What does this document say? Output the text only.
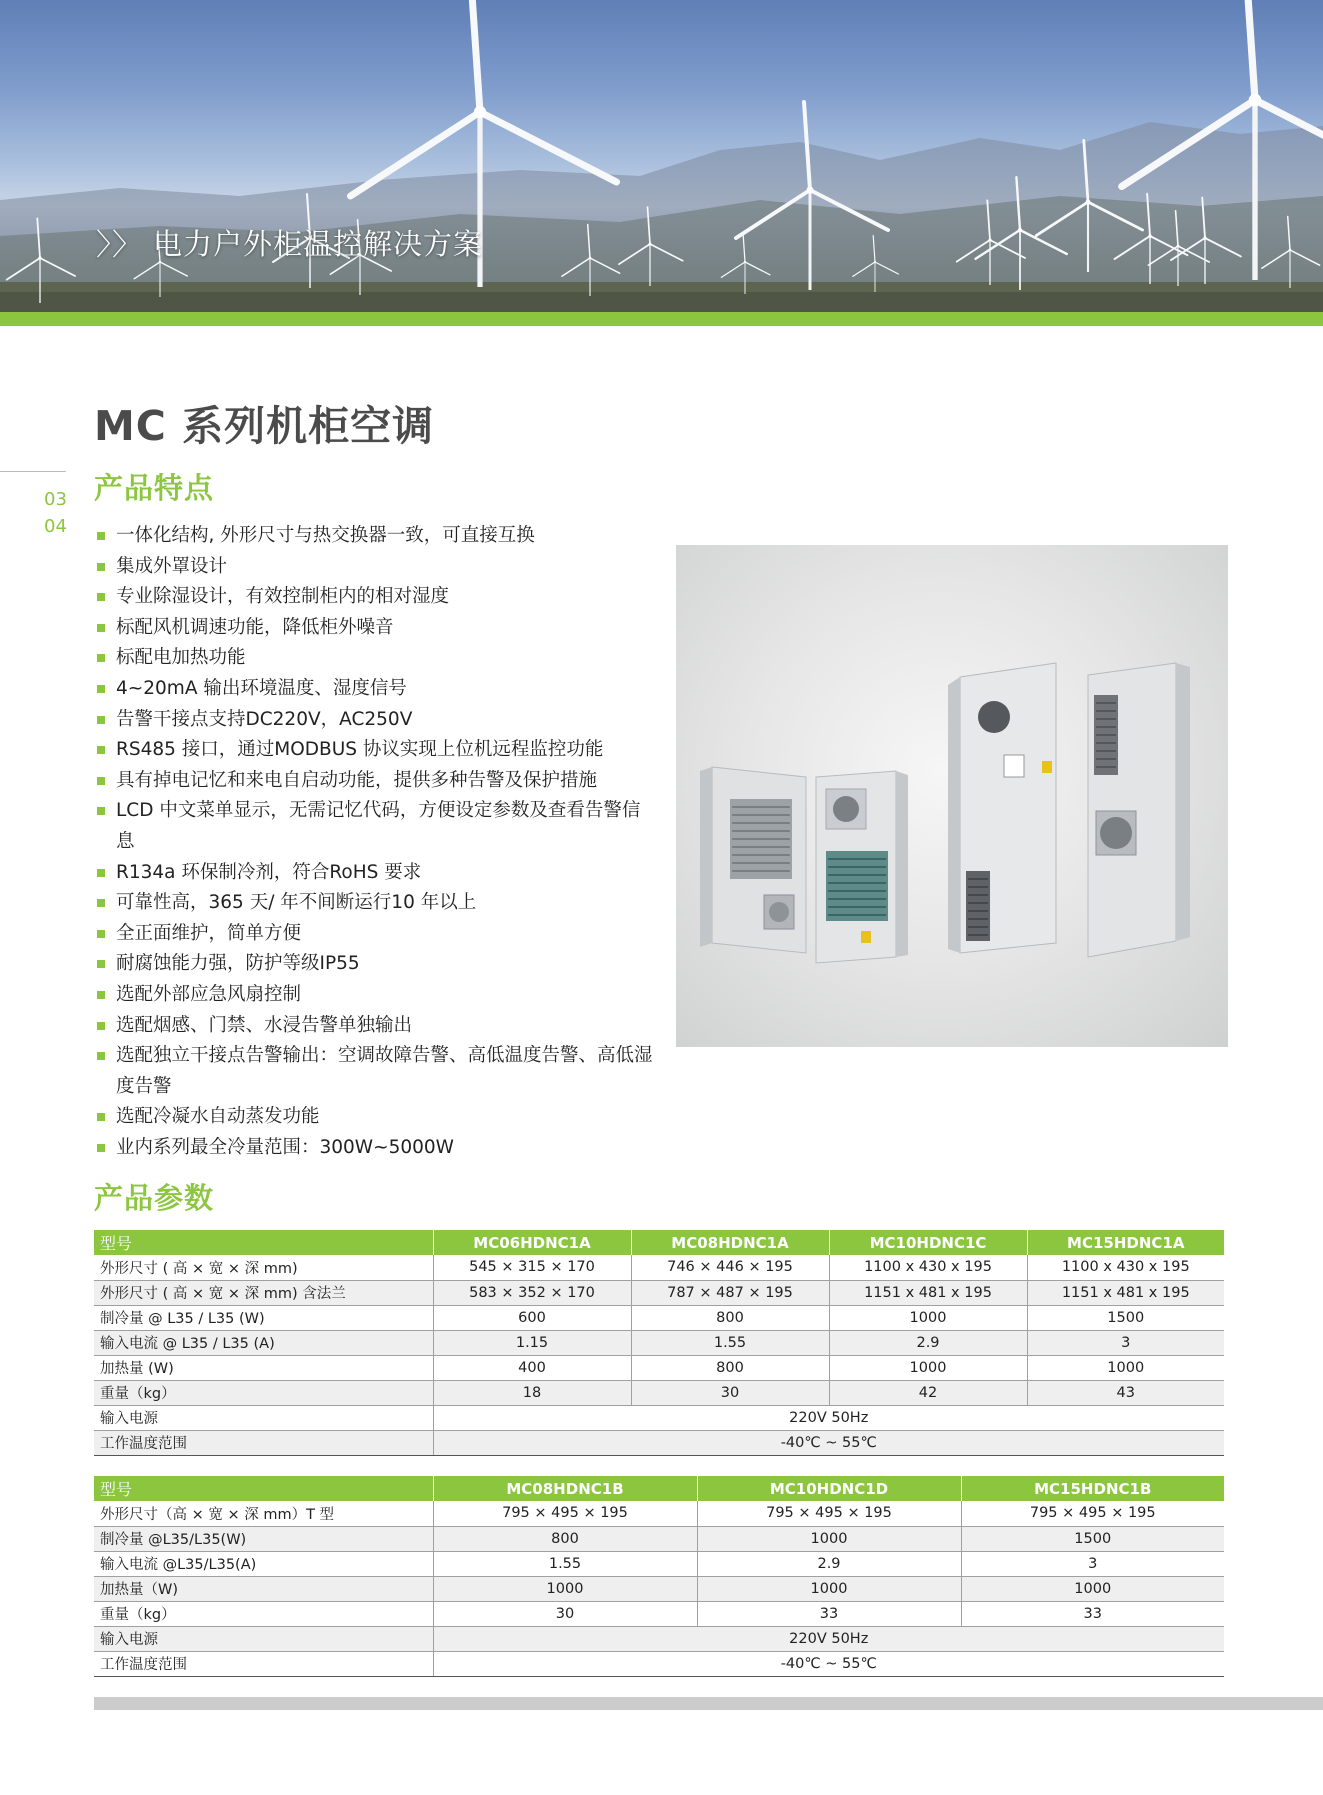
〉〉 电力户外柜温控解决方案
MC 系列机柜空调
03
04
产品特点
一体化结构, 外形尺寸与热交换器一致，可直接互换
集成外罩设计
专业除湿设计，有效控制柜内的相对湿度
标配风机调速功能，降低柜外噪音
标配电加热功能
4~20mA 输出环境温度、湿度信号
告警干接点支持DC220V，AC250V
RS485 接口，通过MODBUS 协议实现上位机远程监控功能
具有掉电记忆和来电自启动功能，提供多种告警及保护措施
LCD 中文菜单显示，无需记忆代码，方便设定参数及查看告警信息
R134a 环保制冷剂，符合RoHS 要求
可靠性高，365 天/ 年不间断运行10 年以上
全正面维护，简单方便
耐腐蚀能力强，防护等级IP55
选配外部应急风扇控制
选配烟感、门禁、水浸告警单独输出
选配独立干接点告警输出：空调故障告警、高低温度告警、高低湿度告警
选配冷凝水自动蒸发功能
业内系列最全冷量范围：300W~5000W
产品参数
型号	MC06HDNC1A	MC08HDNC1A	MC10HDNC1C	MC15HDNC1A
外形尺寸 ( 高 × 宽 × 深 mm)	545 × 315 × 170	746 × 446 × 195	1100 x 430 x 195	1100 x 430 x 195
外形尺寸 ( 高 × 宽 × 深 mm) 含法兰	583 × 352 × 170	787 × 487 × 195	1151 x 481 x 195	1151 x 481 x 195
制冷量 @ L35 / L35 (W)	600	800	1000	1500
输入电流 @ L35 / L35 (A)	1.15	1.55	2.9	3
加热量 (W)	400	800	1000	1000
重量（kg）	18	30	42	43
输入电源	220V 50Hz			
工作温度范围	-40℃ ~ 55℃			
型号	MC08HDNC1B	MC10HDNC1D	MC15HDNC1B
外形尺寸（高 × 宽 × 深 mm）T 型	795 × 495 × 195	795 × 495 × 195	795 × 495 × 195
制冷量 @L35/L35(W)	800	1000	1500
输入电流 @L35/L35(A)	1.55	2.9	3
加热量（W)	1000	1000	1000
重量（kg）	30	33	33
输入电源	220V 50Hz		
工作温度范围	-40℃ ~ 55℃		
